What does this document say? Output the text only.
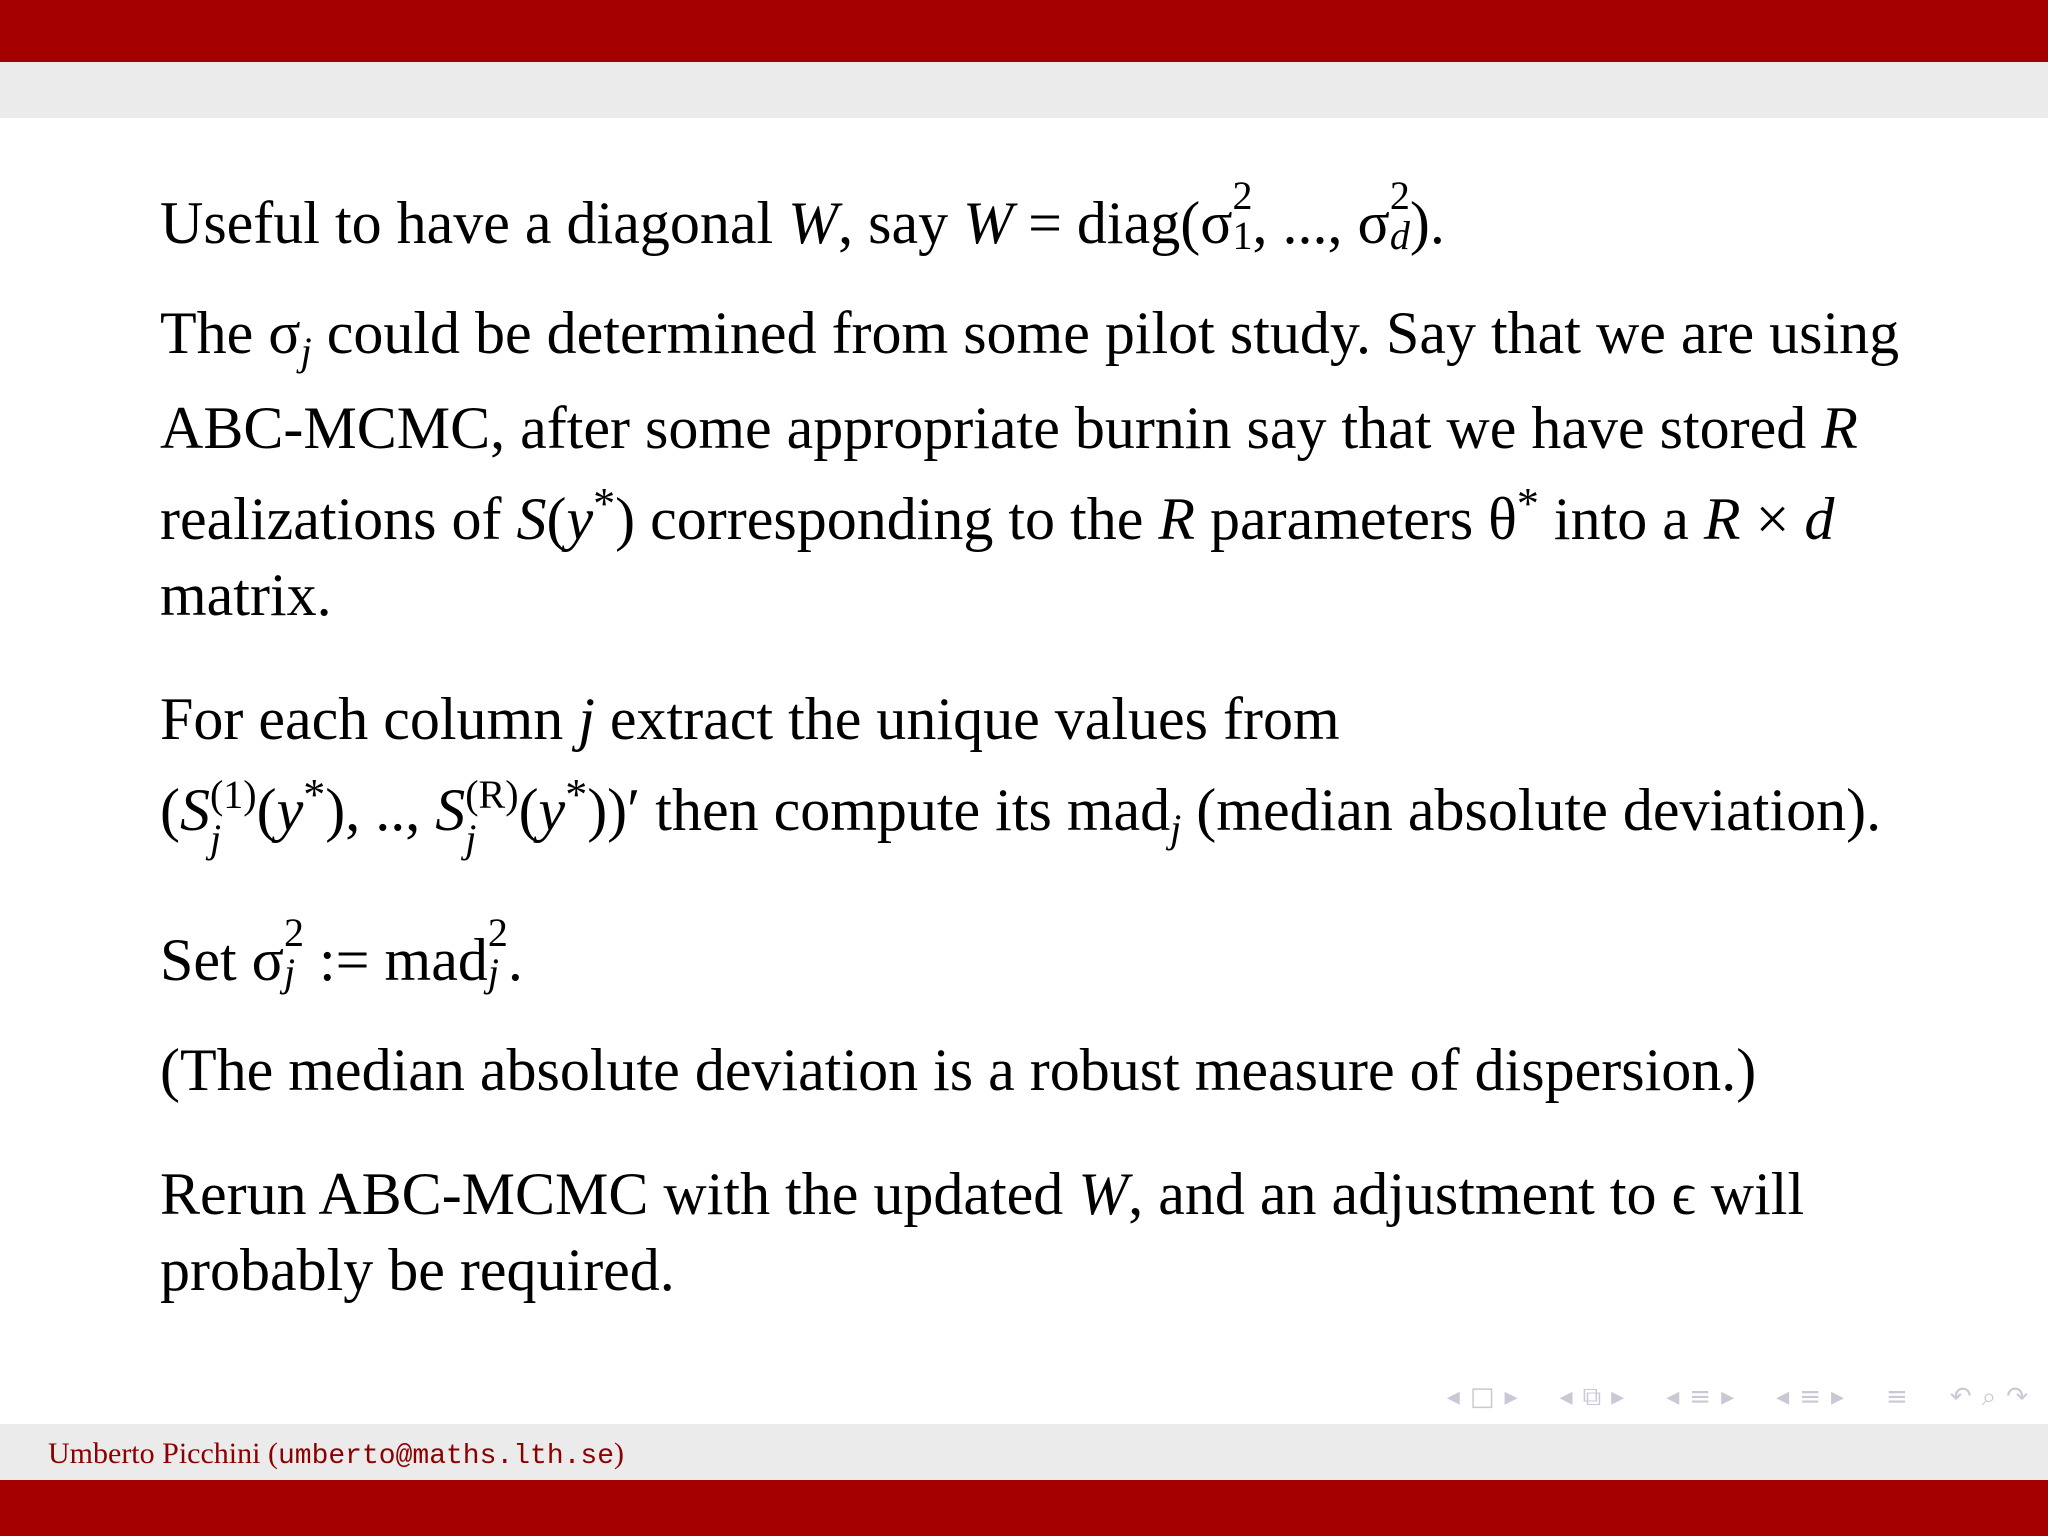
Useful to have a diagonal W, say W = diag(σ 2
1 , ..., σ 2
d ).

The $\sigma_j$ could be determined from some pilot study. Say that we are using ABC-MCMC, after some appropriate burnin say that we have stored R realizations of S(y*) corresponding to the R parameters θ* into a R × d matrix.

For each column j extract the unique values from
(S (1)
j (y*), .., S (R)
j (y*))′ then compute its mad$_j$ (median absolute deviation).

Set σ 2
j := mad 2
j .

(The median absolute deviation is a robust measure of dispersion.)

Rerun ABC-MCMC with the updated W, and an adjustment to ϵ will probably be required.

◂ □ ▸ ◂ ⧉ ▸ ◂ ≡ ▸ ◂ ≡ ▸ ≡ ↶ ⌕ ↷
Umberto Picchini (umberto@maths.lth.se)
